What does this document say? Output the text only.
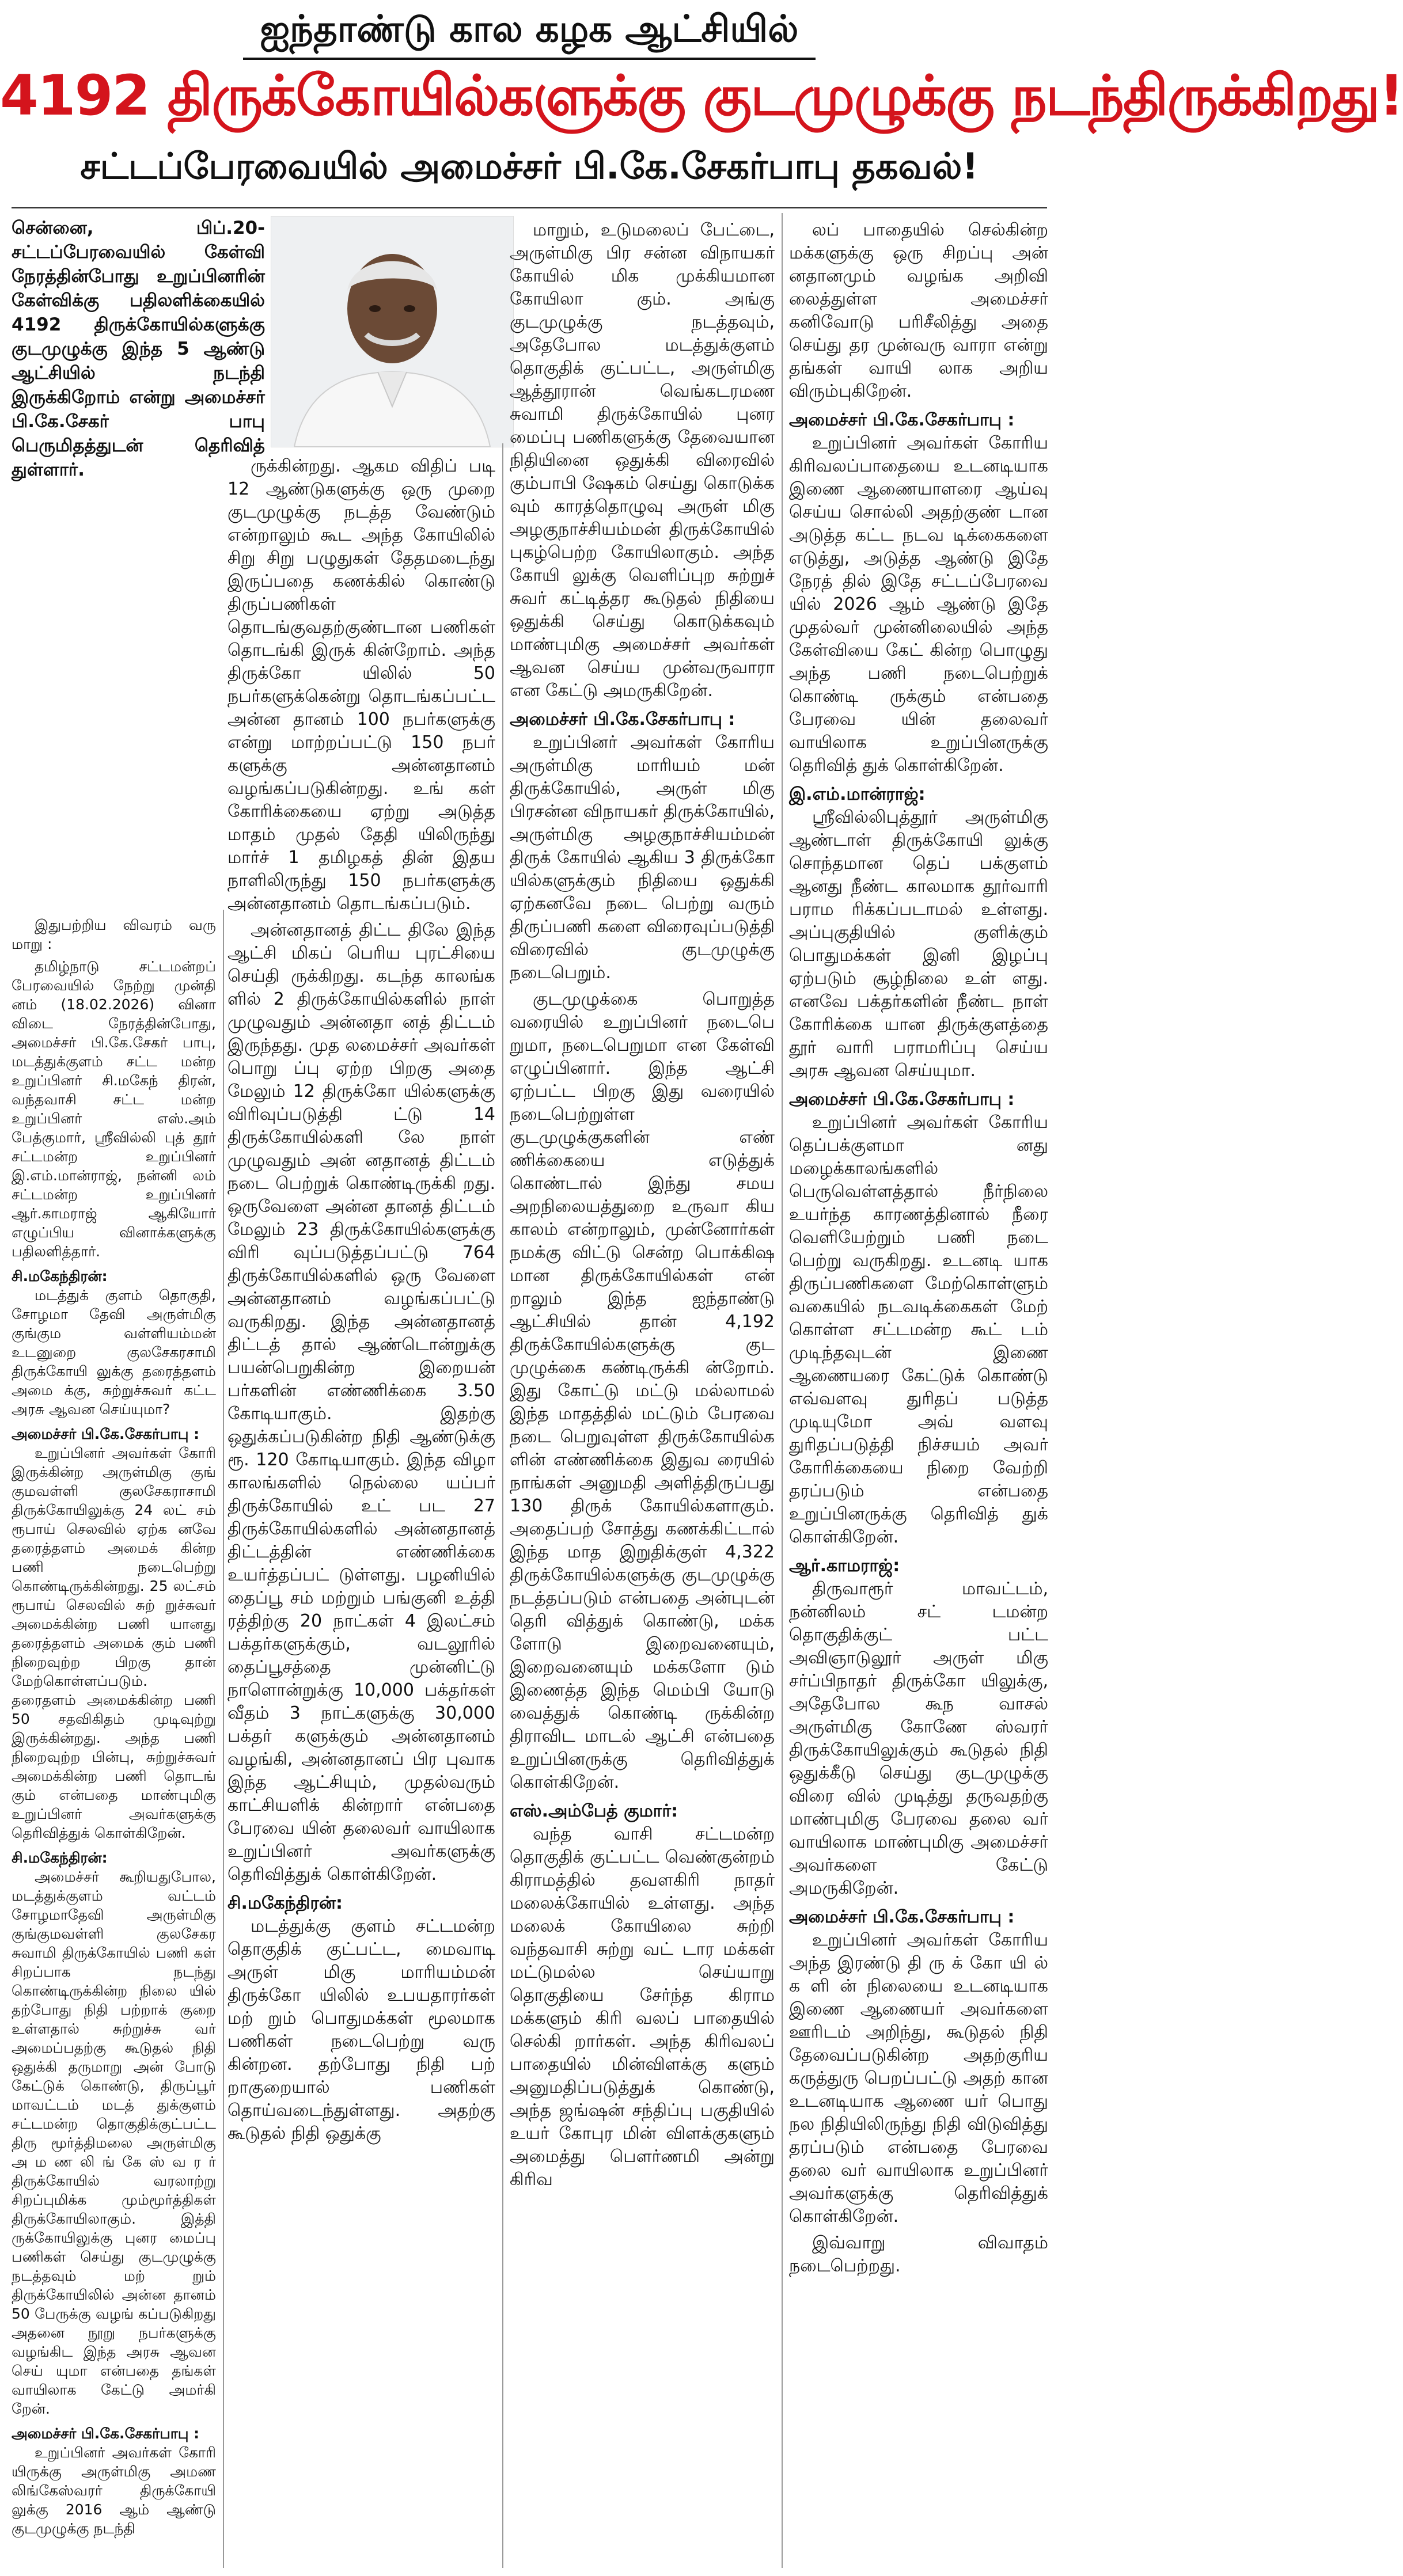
ஐந்தாண்டு கால கழக ஆட்சியில்
4192 திருக்கோயில்களுக்கு குடமுழுக்கு நடந்திருக்கிறது!
சட்டப்பேரவையில் அமைச்சர் பி.கே.சேகர்பாபு தகவல்!
சென்னை, பிப்.20- சட்டப்பேரவையில் கேள்வி நேரத்தின்போது உறுப்பினரின் கேள்விக்கு பதிலளிக்கையில் 4192 திருக்கோயில்களுக்கு குடமுழுக்கு இந்த 5 ஆண்டு ஆட்சியில் நடந்தி இருக்கிறோம் என்று அமைச்சர் பி.கே.சேகர் பாபு பெருமிதத்துடன் தெரிவித் துள்ளார்.

இதுபற்றிய விவரம் வரு மாறு :

தமிழ்நாடு சட்டமன்றப் பேரவையில் நேற்று முன்தி னம் (18.02.2026) வினா விடை நேரத்தின்போது, அமைச்சர் பி.கே.சேகர் பாபு, மடத்துக்குளம் சட்ட மன்ற உறுப்பினர் சி.மகேந் திரன், வந்தவாசி சட்ட மன்ற உறுப்பினர் எஸ்.அம் பேத்குமார், ஸ்ரீவில்லி புத் தூர் சட்டமன்ற உறுப்பினர் இ.எம்.மான்ராஜ், நன்னி லம் சட்டமன்ற உறுப்பினர் ஆர்.காமராஜ் ஆகியோர் எழுப்பிய வினாக்களுக்கு பதிலளித்தார்.

சி.மகேந்திரன்:

மடத்துக் குளம் தொகுதி, சோழமா தேவி அருள்மிகு குங்கும வள்ளியம்மன் உடனுறை குலசேகரசாமி திருக்கோயி லுக்கு தரைத்தளம் அமை க்கு, சுற்றுச்சுவர் கட்ட அரசு ஆவன செய்யுமா?

அமைச்சர் பி.கே.சேகர்பாபு :

உறுப்பினர் அவர்கள் கோரி இருக்கின்ற அருள்மிகு குங் குமவள்ளி குலசேகராசாமி திருக்கோயிலுக்கு 24 லட் சம் ரூபாய் செலவில் ஏற்க னவே தரைத்தளம் அமைக் கின்ற பணி நடைபெற்று கொண்டிருக்கின்றது. 25 லட்சம் ரூபாய் செலவில் சுற் றுச்சுவர் அமைக்கின்ற பணி யானது தரைத்தளம் அமைக் கும் பணி நிறைவுற்ற பிறகு தான் மேற்கொள்ளப்படும். தரைதளம் அமைக்கின்ற பணி 50 சதவிகிதம் முடிவுற்று இருக்கின்றது. அந்த பணி நிறைவுற்ற பின்பு, சுற்றுச்சுவர் அமைக்கின்ற பணி தொடங் கும் என்பதை மாண்புமிகு உறுப்பினர் அவர்களுக்கு தெரிவித்துக் கொள்கிறேன்.

சி.மகேந்திரன்:

அமைச்சர் கூறியதுபோல, மடத்துக்குளம் வட்டம் சோழமாதேவி அருள்மிகு குங்குமவள்ளி குலசேகர சுவாமி திருக்கோயில் பணி கள் சிறப்பாக நடந்து கொண்டிருக்கின்ற நிலை யில் தற்போது நிதி பற்றாக் குறை உள்ளதால் சுற்றுச்சு வர் அமைப்பதற்கு கூடுதல் நிதி ஒதுக்கி தருமாறு அன் போடு கேட்டுக் கொண்டு, திருப்பூர் மாவட்டம் மடத் துக்குளம் சட்டமன்ற தொகுதிக்குட்பட்ட திரு மூர்த்திமலை அருள்மிகு அ ம ண லி ங் கே ஸ் வ ர ர் திருக்கோயில் வரலாற்று சிறப்புமிக்க மும்மூர்த்திகள் திருக்கோயிலாகும். இத்தி ருக்கோயிலுக்கு புனர மைப்பு பணிகள் செய்து குடமுழுக்கு நடத்தவும் மற் றும் திருக்கோயிலில் அன்ன தானம் 50 பேருக்கு வழங் கப்படுகிறது அதனை நூறு நபர்களுக்கு வழங்கிட இந்த அரசு ஆவன செய் யுமா என்பதை தங்கள் வாயிலாக கேட்டு அமர்கி றேன்.

அமைச்சர் பி.கே.சேகர்பாபு :

உறுப்பினர் அவர்கள் கோரி யிருக்கு அருள்மிகு அமண லிங்கேஸ்வரர் திருக்கோயி லுக்கு 2016 ஆம் ஆண்டு குடமுழுக்கு நடந்தி

ருக்கின்றது. ஆகம விதிப் படி 12 ஆண்டுகளுக்கு ஒரு முறை குடமுழுக்கு நடத்த வேண்டும் என்றாலும் கூட அந்த கோயிலில் சிறு சிறு பழுதுகள் தேதமடைந்து இருப்பதை கணக்கில் கொண்டு திருப்பணிகள் தொடங்குவதற்குண்டான பணிகள் தொடங்கி இருக் கின்றோம். அந்த திருக்கோ யிலில் 50 நபர்களுக்கென்று தொடங்கப்பட்ட அன்ன தானம் 100 நபர்களுக்கு என்று மாற்றப்பட்டு 150 நபர் களுக்கு அன்னதானம் வழங்கப்படுகின்றது. உங் கள் கோரிக்கையை ஏற்று அடுத்த மாதம் முதல் தேதி யிலிருந்து மார்ச் 1 தமிழகத் தின் இதய நாளிலிருந்து 150 நபர்களுக்கு அன்னதானம் தொடங்கப்படும்.

அன்னதானத் திட்ட திலே இந்த ஆட்சி மிகப் பெரிய புரட்சியை செய்தி ருக்கிறது. கடந்த காலங்க ளில் 2 திருக்கோயில்களில் நாள் முழுவதும் அன்னதா னத் திட்டம் இருந்தது. முத லமைச்சர் அவர்கள் பொறு ப்பு ஏற்ற பிறகு அதை மேலும் 12 திருக்கோ யில்களுக்கு விரிவுப்படுத்தி ட்டு 14 திருக்கோயில்களி லே நாள் முழுவதும் அன் னதானத் திட்டம் நடை பெற்றுக் கொண்டிருக்கி றது. ஒருவேளை அன்ன தானத் திட்டம் மேலும் 23 திருக்கோயில்களுக்கு விரி வுப்படுத்தப்பட்டு 764 திருக்கோயில்களில் ஒரு வேளை அன்னதானம் வழங்கப்பட்டு வருகிறது. இந்த அன்னதானத் திட்டத் தால் ஆண்டொன்றுக்கு பயன்பெறுகின்ற இறையன் பர்களின் எண்ணிக்கை 3.50 கோடியாகும். இதற்கு ஒதுக்கப்படுகின்ற நிதி ஆண்டுக்கு ரூ. 120 கோடியாகும். இந்த விழா காலங்களில் நெல்லை யப்பர் திருக்கோயில் உட் பட 27 திருக்கோயில்களில் அன்னதானத் திட்டத்தின் எண்ணிக்கை உயர்த்தப்பட் டுள்ளது. பழனியில் தைப்பூ சம் மற்றும் பங்குனி உத்தி ரத்திற்கு 20 நாட்கள் 4 இலட்சம் பக்தர்களுக்கும், வடலூரில் தைப்பூசத்தை முன்னிட்டு நாளொன்றுக்கு 10,000 பக்தர்கள் வீதம் 3 நாட்களுக்கு 30,000 பக்தர் களுக்கும் அன்னதானம் வழங்கி, அன்னதானப் பிர புவாக இந்த ஆட்சியும், முதல்வரும் காட்சியளிக் கின்றார் என்பதை பேரவை யின் தலைவர் வாயிலாக உறுப்பினர் அவர்களுக்கு தெரிவித்துக் கொள்கிறேன்.

சி.மகேந்திரன்:

மடத்துக்கு குளம் சட்டமன்ற தொகுதிக் குட்பட்ட, மைவாடி அருள் மிகு மாரியம்மன் திருக்கோ யிலில் உபயதாரர்கள் மற் றும் பொதுமக்கள் மூலமாக பணிகள் நடைபெற்று வரு கின்றன. தற்போது நிதி பற் றாகுறையால் பணிகள் தொய்வடைந்துள்ளது. அதற்கு கூடுதல் நிதி ஒதுக்கு

மாறும், உடுமலைப் பேட்டை, அருள்மிகு பிர சன்ன விநாயகர் கோயில் மிக முக்கியமான கோயிலா கும். அங்கு குடமுழுக்கு நடத்தவும், அதேபோல மடத்துக்குளம் தொகுதிக் குட்பட்ட, அருள்மிகு ஆத்தூரான் வெங்கடரமண சுவாமி திருக்கோயில் புனர மைப்பு பணிகளுக்கு தேவையான நிதியினை ஒதுக்கி விரைவில் கும்பாபி ஷேகம் செய்து கொடுக்க வும் காரத்தொழுவு அருள் மிகு அழகுநாச்சியம்மன் திருக்கோயில் புகழ்பெற்ற கோயிலாகும். அந்த கோயி லுக்கு வெளிப்புற சுற்றுச் சுவர் கட்டித்தர கூடுதல் நிதியை ஒதுக்கி செய்து கொடுக்கவும் மாண்புமிகு அமைச்சர் அவர்கள் ஆவன செய்ய முன்வருவாரா என கேட்டு அமருகிறேன்.

அமைச்சர் பி.கே.சேகர்பாபு :

உறுப்பினர் அவர்கள் கோரிய அருள்மிகு மாரியம் மன் திருக்கோயில், அருள் மிகு பிரசன்ன விநாயகர் திருக்கோயில், அருள்மிகு அழகுநாச்சியம்மன் திருக் கோயில் ஆகிய 3 திருக்கோ யில்களுக்கும் நிதியை ஒதுக்கி ஏற்கனவே நடை பெற்று வரும் திருப்பணி களை விரைவுப்படுத்தி விரைவில் குடமுழுக்கு நடைபெறும்.

குடமுழுக்கை பொறுத்த வரையில் உறுப்பினர் நடைபெ றுமா, நடைபெறுமா என கேள்வி எழுப்பினார். இந்த ஆட்சி ஏற்பட்ட பிறகு இது வரையில் நடைபெற்றுள்ள குடமுழுக்குகளின் எண் ணிக்கையை எடுத்துக் கொண்டால் இந்து சமய அறநிலையத்துறை உருவா கிய காலம் என்றாலும், முன்னோர்கள் நமக்கு விட்டு சென்ற பொக்கிஷ மான திருக்கோயில்கள் என் றாலும் இந்த ஐந்தாண்டு ஆட்சியில் தான் 4,192 திருக்கோயில்களுக்கு குட முழுக்கை கண்டிருக்கி ன்றோம். இது கோட்டு மட்டு மல்லாமல் இந்த மாதத்தில் மட்டும் பேரவை நடை பெறுவுள்ள திருக்கோயில்க ளின் எண்ணிக்கை இதுவ ரையில் நாங்கள் அனுமதி அளித்திருப்பது 130 திருக் கோயில்களாகும். அதைப்பற் சோத்து கணக்கிட்டால் இந்த மாத இறுதிக்குள் 4,322 திருக்கோயில்களுக்கு குடமுழுக்கு நடத்தப்படும் என்பதை அன்புடன் தெரி வித்துக் கொண்டு, மக்க ளோடு இறைவனையும், இறைவனையும் மக்களோ டும் இணைத்த இந்த மெம்பி யோடு வைத்துக் கொண்டி ருக்கின்ற திராவிட மாடல் ஆட்சி என்பதை உறுப்பினருக்கு தெரிவித்துக் கொள்கிறேன்.

எஸ்.அம்பேத் குமார்:

வந்த வாசி சட்டமன்ற தொகுதிக் குட்பட்ட வெண்குன்றம் கிராமத்தில் தவளகிரி நாதர் மலைக்கோயில் உள்ளது. அந்த மலைக் கோயிலை சுற்றி வந்தவாசி சுற்று வட் டார மக்கள் மட்டுமல்ல செய்யாறு தொகுதியை சேர்ந்த கிராம மக்களும் கிரி வலப் பாதையில் செல்கி றார்கள். அந்த கிரிவலப் பாதையில் மின்விளக்கு களும் அனுமதிப்படுத்துக் கொண்டு, அந்த ஜங்ஷன் சந்திப்பு பகுதியில் உயர் கோபுர மின் விளக்குகளும் அமைத்து பௌர்ணமி அன்று கிரிவ

லப் பாதையில் செல்கின்ற மக்களுக்கு ஒரு சிறப்பு அன் னதானமும் வழங்க அறிவி லைத்துள்ள அமைச்சர் கனிவோடு பரிசீலித்து அதை செய்து தர முன்வரு வாரா என்று தங்கள் வாயி லாக அறிய விரும்புகிறேன்.

அமைச்சர் பி.கே.சேகர்பாபு :

உறுப்பினர் அவர்கள் கோரிய கிரிவலப்பாதையை உடனடியாக இணை ஆணையாளரை ஆய்வு செய்ய சொல்லி அதற்குண் டான அடுத்த கட்ட நடவ டிக்கைகளை எடுத்து, அடுத்த ஆண்டு இதே நேரத் தில் இதே சட்டப்பேரவை யில் 2026 ஆம் ஆண்டு இதே முதல்வர் முன்னிலையில் அந்த கேள்வியை கேட் கின்ற பொழுது அந்த பணி நடைபெற்றுக் கொண்டி ருக்கும் என்பதை பேரவை யின் தலைவர் வாயிலாக உறுப்பினருக்கு தெரிவித் துக் கொள்கிறேன்.

இ.எம்.மான்ராஜ்:

ஸ்ரீவில்லிபுத்தூர் அருள்மிகு ஆண்டாள் திருக்கோயி லுக்கு சொந்தமான தெப் பக்குளம் ஆனது நீண்ட காலமாக தூர்வாரி பராம ரிக்கப்படாமல் உள்ளது. அப்புகுதியில் குளிக்கும் பொதுமக்கள் இனி இழப்பு ஏற்படும் சூழ்நிலை உள் ளது. எனவே பக்தர்களின் நீண்ட நாள் கோரிக்கை யான திருக்குளத்தை தூர் வாரி பராமரிப்பு செய்ய அரசு ஆவன செய்யுமா.

அமைச்சர் பி.கே.சேகர்பாபு :

உறுப்பினர் அவர்கள் கோரிய தெப்பக்குளமா னது மழைக்காலங்களில் பெருவெள்ளத்தால் நீர்நிலை உயர்ந்த காரணத்தினால் நீரை வெளியேற்றும் பணி நடை பெற்று வருகிறது. உடனடி யாக திருப்பணிகளை மேற்கொள்ளும் வகையில் நடவடிக்கைகள் மேற் கொள்ள சட்டமன்ற கூட் டம் முடிந்தவுடன் இணை ஆணையரை கேட்டுக் கொண்டு எவ்வளவு துரிதப் படுத்த முடியுமோ அவ் வளவு துரிதப்படுத்தி நிச்சயம் அவர் கோரிக்கையை நிறை வேற்றி தரப்படும் என்பதை உறுப்பினருக்கு தெரிவித் துக் கொள்கிறேன்.

ஆர்.காமராஜ்:

திருவாரூர் மாவட்டம், நன்னிலம் சட் டமன்ற தொகுதிக்குட் பட்ட அவிஞாடுலூர் அருள் மிகு சர்ப்பிநாதர் திருக்கோ யிலுக்கு, அதேபோல கூந வாசல் அருள்மிகு கோணே ஸ்வரர் திருக்கோயிலுக்கும் கூடுதல் நிதி ஒதுக்கீடு செய்து குடமுழுக்கு விரை வில் முடித்து தருவதற்கு மாண்புமிகு பேரவை தலை வர் வாயிலாக மாண்புமிகு அமைச்சர் அவர்களை கேட்டு அமருகிறேன்.

அமைச்சர் பி.கே.சேகர்பாபு :

உறுப்பினர் அவர்கள் கோரிய அந்த இரண்டு தி ரு க் கோ யி ல் க ளி ன் நிலையை உடனடியாக இணை ஆணையர் அவர்களை ஊரிடம் அறிந்து, கூடுதல் நிதி தேவைப்படுகின்ற அதற்குரிய கருத்துரு பெறப்பட்டு அதற் கான உடனடியாக ஆணை யர் பொது நல நிதியிலிருந்து நிதி விடுவித்து தரப்படும் என்பதை பேரவை தலை வர் வாயிலாக உறுப்பினர் அவர்களுக்கு தெரிவித்துக் கொள்கிறேன்.

இவ்வாறு விவாதம் நடைபெற்றது.
